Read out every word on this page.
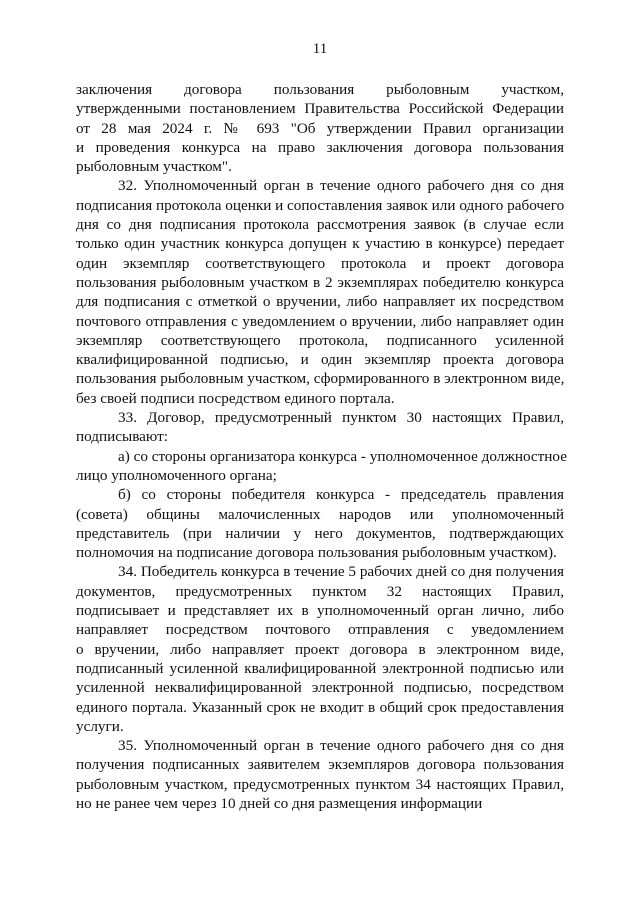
11
заключения договора пользования рыболовным участком,
утвержденными постановлением Правительства Российской Федерации
от 28 мая 2024 г. № 693 "Об утверждении Правил организации
и проведения конкурса на право заключения договора пользования
рыболовным участком".
32. Уполномоченный орган в течение одного рабочего дня со дня
подписания протокола оценки и сопоставления заявок или одного рабочего
дня со дня подписания протокола рассмотрения заявок (в случае если
только один участник конкурса допущен к участию в конкурсе) передает
один экземпляр соответствующего протокола и проект договора
пользования рыболовным участком в 2 экземплярах победителю конкурса
для подписания с отметкой о вручении, либо направляет их посредством
почтового отправления с уведомлением о вручении, либо направляет один
экземпляр соответствующего протокола, подписанного усиленной
квалифицированной подписью, и один экземпляр проекта договора
пользования рыболовным участком, сформированного в электронном виде,
без своей подписи посредством единого портала.
33. Договор, предусмотренный пунктом 30 настоящих Правил,
подписывают:
а) со стороны организатора конкурса - уполномоченное должностное
лицо уполномоченного органа;
б) со стороны победителя конкурса - председатель правления
(совета) общины малочисленных народов или уполномоченный
представитель (при наличии у него документов, подтверждающих
полномочия на подписание договора пользования рыболовным участком).
34. Победитель конкурса в течение 5 рабочих дней со дня получения
документов, предусмотренных пунктом 32 настоящих Правил,
подписывает и представляет их в уполномоченный орган лично, либо
направляет посредством почтового отправления с уведомлением
о вручении, либо направляет проект договора в электронном виде,
подписанный усиленной квалифицированной электронной подписью или
усиленной неквалифицированной электронной подписью, посредством
единого портала. Указанный срок не входит в общий срок предоставления
услуги.
35. Уполномоченный орган в течение одного рабочего дня со дня
получения подписанных заявителем экземпляров договора пользования
рыболовным участком, предусмотренных пунктом 34 настоящих Правил,
но не ранее чем через 10 дней со дня размещения информации
